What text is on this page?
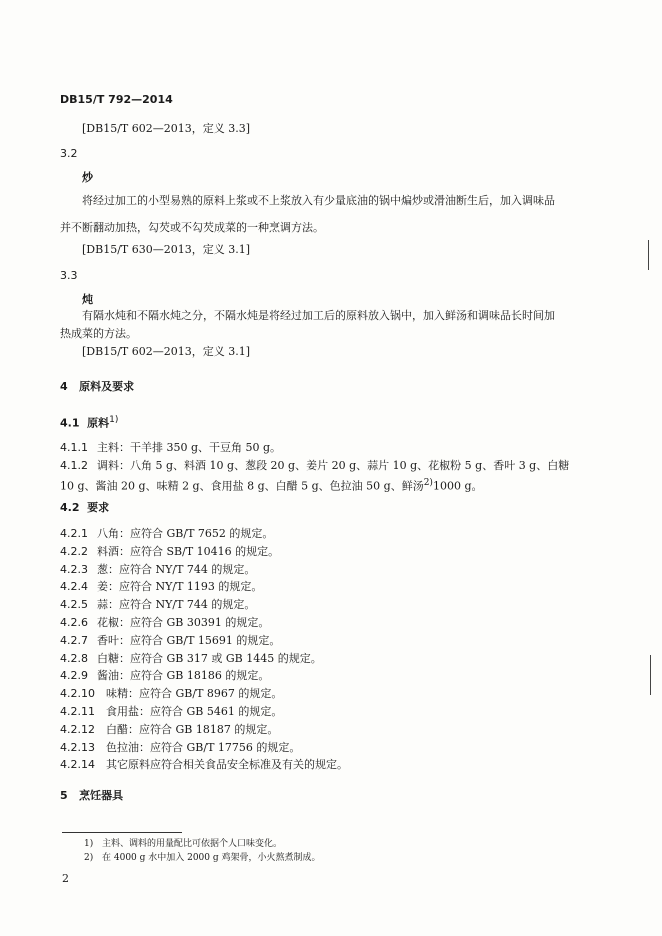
DB15/T 792—2014
[DB15/T 602—2013，定义 3.3]
3.2
炒
将经过加工的小型易熟的原料上浆或不上浆放入有少量底油的锅中煸炒或滑油断生后，加入调味品
并不断翻动加热，勾芡或不勾芡成菜的一种烹调方法。
[DB15/T 630—2013，定义 3.1]
3.3
炖
有隔水炖和不隔水炖之分，不隔水炖是将经过加工后的原料放入锅中，加入鲜汤和调味品长时间加
热成菜的方法。
[DB15/T 602—2013，定义 3.1]
4 原料及要求
4.1 原料$^{1)}$
4.1.1 主料：干羊排 350 g、干豆角 50 g。
4.1.2 调料：八角 5 g、料酒 10 g、葱段 20 g、姜片 20 g、蒜片 10 g、花椒粉 5 g、香叶 3 g、白糖
10 g、酱油 20 g、味精 2 g、食用盐 8 g、白醋 5 g、色拉油 50 g、鲜汤$^{2)}$1000 g。
4.2 要求
4.2.1 八角：应符合 GB/T 7652 的规定。
4.2.2 料酒：应符合 SB/T 10416 的规定。
4.2.3 葱：应符合 NY/T 744 的规定。
4.2.4 姜：应符合 NY/T 1193 的规定。
4.2.5 蒜：应符合 NY/T 744 的规定。
4.2.6 花椒：应符合 GB 30391 的规定。
4.2.7 香叶：应符合 GB/T 15691 的规定。
4.2.8 白糖：应符合 GB 317 或 GB 1445 的规定。
4.2.9 酱油：应符合 GB 18186 的规定。
4.2.10 味精：应符合 GB/T 8967 的规定。
4.2.11 食用盐：应符合 GB 5461 的规定。
4.2.12 白醋：应符合 GB 18187 的规定。
4.2.13 色拉油：应符合 GB/T 17756 的规定。
4.2.14 其它原料应符合相关食品安全标准及有关的规定。
5 烹饪器具
1) 主料、调料的用量配比可依据个人口味变化。
2) 在 4000 g 水中加入 2000 g 鸡架骨，小火熬煮制成。
2
